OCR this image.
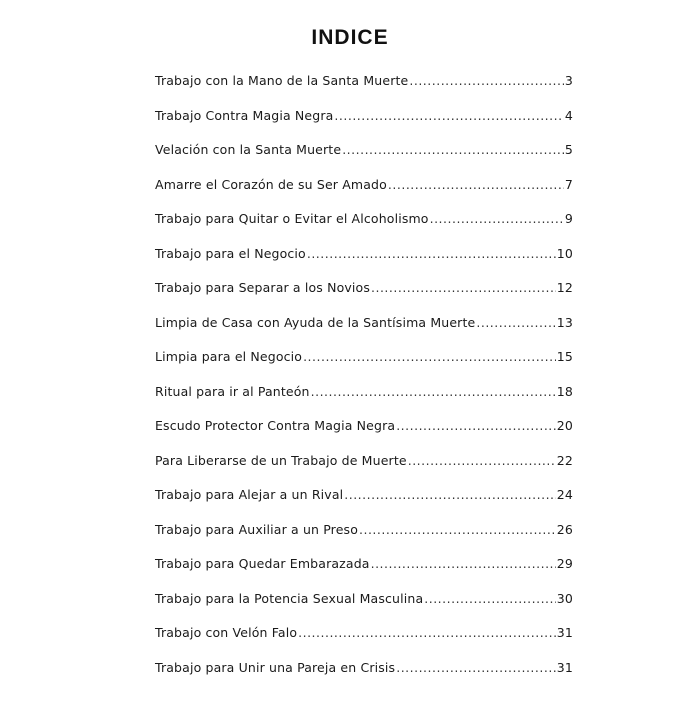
INDICE
Trabajo con la Mano de la Santa Muerte .....	3
Trabajo Contra Magia Negra .....	4
Velación con la Santa Muerte .....	5
Amarre el Corazón de su Ser Amado .....	7
Trabajo para Quitar o Evitar el Alcoholismo .....	9
Trabajo para el Negocio .....	10
Trabajo para Separar a los Novios .....	12
Limpia de Casa con Ayuda de la Santísima Muerte .....	13
Limpia para el Negocio .....	15
Ritual para ir al Panteón .....	18
Escudo Protector Contra Magia Negra .....	20
Para Liberarse de un Trabajo de Muerte .....	22
Trabajo para Alejar a un Rival .....	24
Trabajo para Auxiliar a un Preso .....	26
Trabajo para Quedar Embarazada .....	29
Trabajo para la Potencia Sexual Masculina .....	30
Trabajo con Velón Falo .....	31
Trabajo para Unir una Pareja en Crisis .....	31
